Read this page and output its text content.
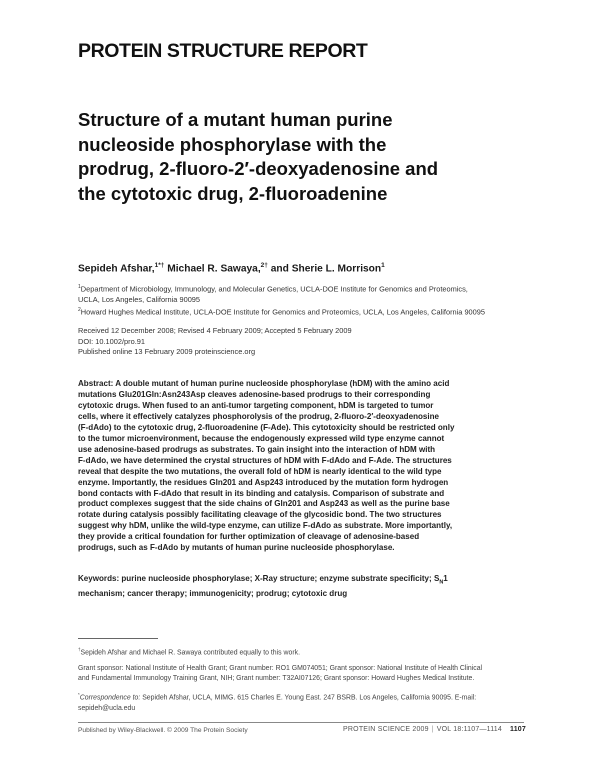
PROTEIN STRUCTURE REPORT
Structure of a mutant human purine
nucleoside phosphorylase with the
prodrug, 2-fluoro-2′-deoxyadenosine and
the cytotoxic drug, 2-fluoroadenine
Sepideh Afshar,$^{1*\dagger}$ Michael R. Sawaya,$^{2\dagger}$ and Sherie L. Morrison$^1$
$^1$Department of Microbiology, Immunology, and Molecular Genetics, UCLA-DOE Institute for Genomics and Proteomics,
UCLA, Los Angeles, California 90095
$^2$Howard Hughes Medical Institute, UCLA-DOE Institute for Genomics and Proteomics, UCLA, Los Angeles, California 90095
Received 12 December 2008; Revised 4 February 2009; Accepted 5 February 2009
DOI: 10.1002/pro.91
Published online 13 February 2009 proteinscience.org
Abstract: A double mutant of human purine nucleoside phosphorylase (hDM) with the amino acid
mutations Glu201Gln:Asn243Asp cleaves adenosine-based prodrugs to their corresponding
cytotoxic drugs. When fused to an anti-tumor targeting component, hDM is targeted to tumor
cells, where it effectively catalyzes phosphorolysis of the prodrug, 2-fluoro-2′-deoxyadenosine
(F-dAdo) to the cytotoxic drug, 2-fluoroadenine (F-Ade). This cytotoxicity should be restricted only
to the tumor microenvironment, because the endogenously expressed wild type enzyme cannot
use adenosine-based prodrugs as substrates. To gain insight into the interaction of hDM with
F-dAdo, we have determined the crystal structures of hDM with F-dAdo and F-Ade. The structures
reveal that despite the two mutations, the overall fold of hDM is nearly identical to the wild type
enzyme. Importantly, the residues Gln201 and Asp243 introduced by the mutation form hydrogen
bond contacts with F-dAdo that result in its binding and catalysis. Comparison of substrate and
product complexes suggest that the side chains of Gln201 and Asp243 as well as the purine base
rotate during catalysis possibly facilitating cleavage of the glycosidic bond. The two structures
suggest why hDM, unlike the wild-type enzyme, can utilize F-dAdo as substrate. More importantly,
they provide a critical foundation for further optimization of cleavage of adenosine-based
prodrugs, such as F-dAdo by mutants of human purine nucleoside phosphorylase.
Keywords: purine nucleoside phosphorylase; X-Ray structure; enzyme substrate specificity; $S_N1$
mechanism; cancer therapy; immunogenicity; prodrug; cytotoxic drug

†Sepideh Afshar and Michael R. Sawaya contributed equally to this work.

Grant sponsor: National Institute of Health Grant; Grant number: RO1 GM074051; Grant sponsor: National Institute of Health Clinical
and Fundamental Immunology Training Grant, NIH; Grant number: T32AI07126; Grant sponsor: Howard Hughes Medical Institute.

*Correspondence to: Sepideh Afshar, UCLA, MIMG. 615 Charles E. Young East. 247 BSRB. Los Angeles, California 90095. E-mail:
sepideh@ucla.edu

Published by Wiley-Blackwell. © 2009 The Protein Society	PROTEIN SCIENCE 2009 | VOL 18:1107—1114 1107
